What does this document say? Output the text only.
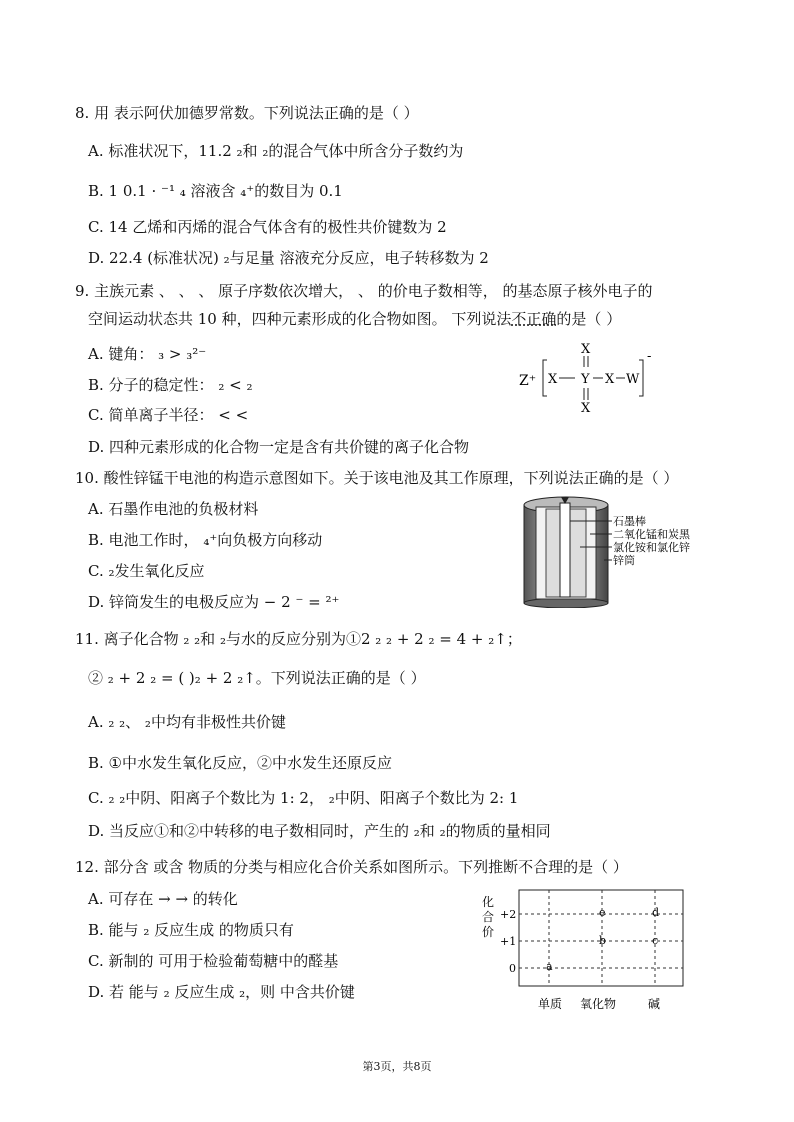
8. 用 表示阿伏加德罗常数。下列说法正确的是（ ）
A. 标准状况下，11.2 ₂和 ₂的混合气体中所含分子数约为
B. 1 0.1 · ⁻¹ ₄ 溶液含 ₄⁺的数目为 0.1
C. 14 乙烯和丙烯的混合气体含有的极性共价键数为 2
D. 22.4 (标准状况) ₂与足量 溶液充分反应，电子转移数为 2
9. 主族元素 、 、 、 原子序数依次增大， 、 的价电子数相等， 的基态原子核外电子的
空间运动状态共 10 种，四种元素形成的化合物如图。 下列说法不正确的是（ ）
A. 键角： ₃ > ₃²⁻
B. 分子的稳定性： ₂ < ₂
C. 简单离子半径： < <
D. 四种元素形成的化合物一定是含有共价键的离子化合物
Z⁺
X
X Y X W
X
-
10. 酸性锌锰干电池的构造示意图如下。关于该电池及其工作原理，下列说法正确的是（ ）
A. 石墨作电池的负极材料
B. 电池工作时， ₄⁺向负极方向移动
C. ₂发生氧化反应
D. 锌筒发生的电极反应为 − 2 ⁻ = ²⁺
石墨棒
二氧化锰和炭黑
氯化铵和氯化锌
锌筒
11. 离子化合物 ₂ ₂和 ₂与水的反应分别为①2 ₂ ₂ + 2 ₂ = 4 + ₂↑；
② ₂ + 2 ₂ = ( )₂ + 2 ₂↑。下列说法正确的是（ ）
A. ₂ ₂、 ₂中均有非极性共价键
B. ①中水发生氧化反应，②中水发生还原反应
C. ₂ ₂中阴、阳离子个数比为 1: 2， ₂中阴、阳离子个数比为 2: 1
D. 当反应①和②中转移的电子数相同时，产生的 ₂和 ₂的物质的量相同
12. 部分含 或含 物质的分类与相应化合价关系如图所示。下列推断不合理的是（ ）
A. 可存在 → → 的转化
B. 能与 ₂ 反应生成 的物质只有
C. 新制的 可用于检验葡萄糖中的醛基
D. 若 能与 ₂ 反应生成 ₂，则 中含共价键
化
合
价
+2
+1
0
e	d
b	c
a
单质 氧化物	碱
第3页，共8页
